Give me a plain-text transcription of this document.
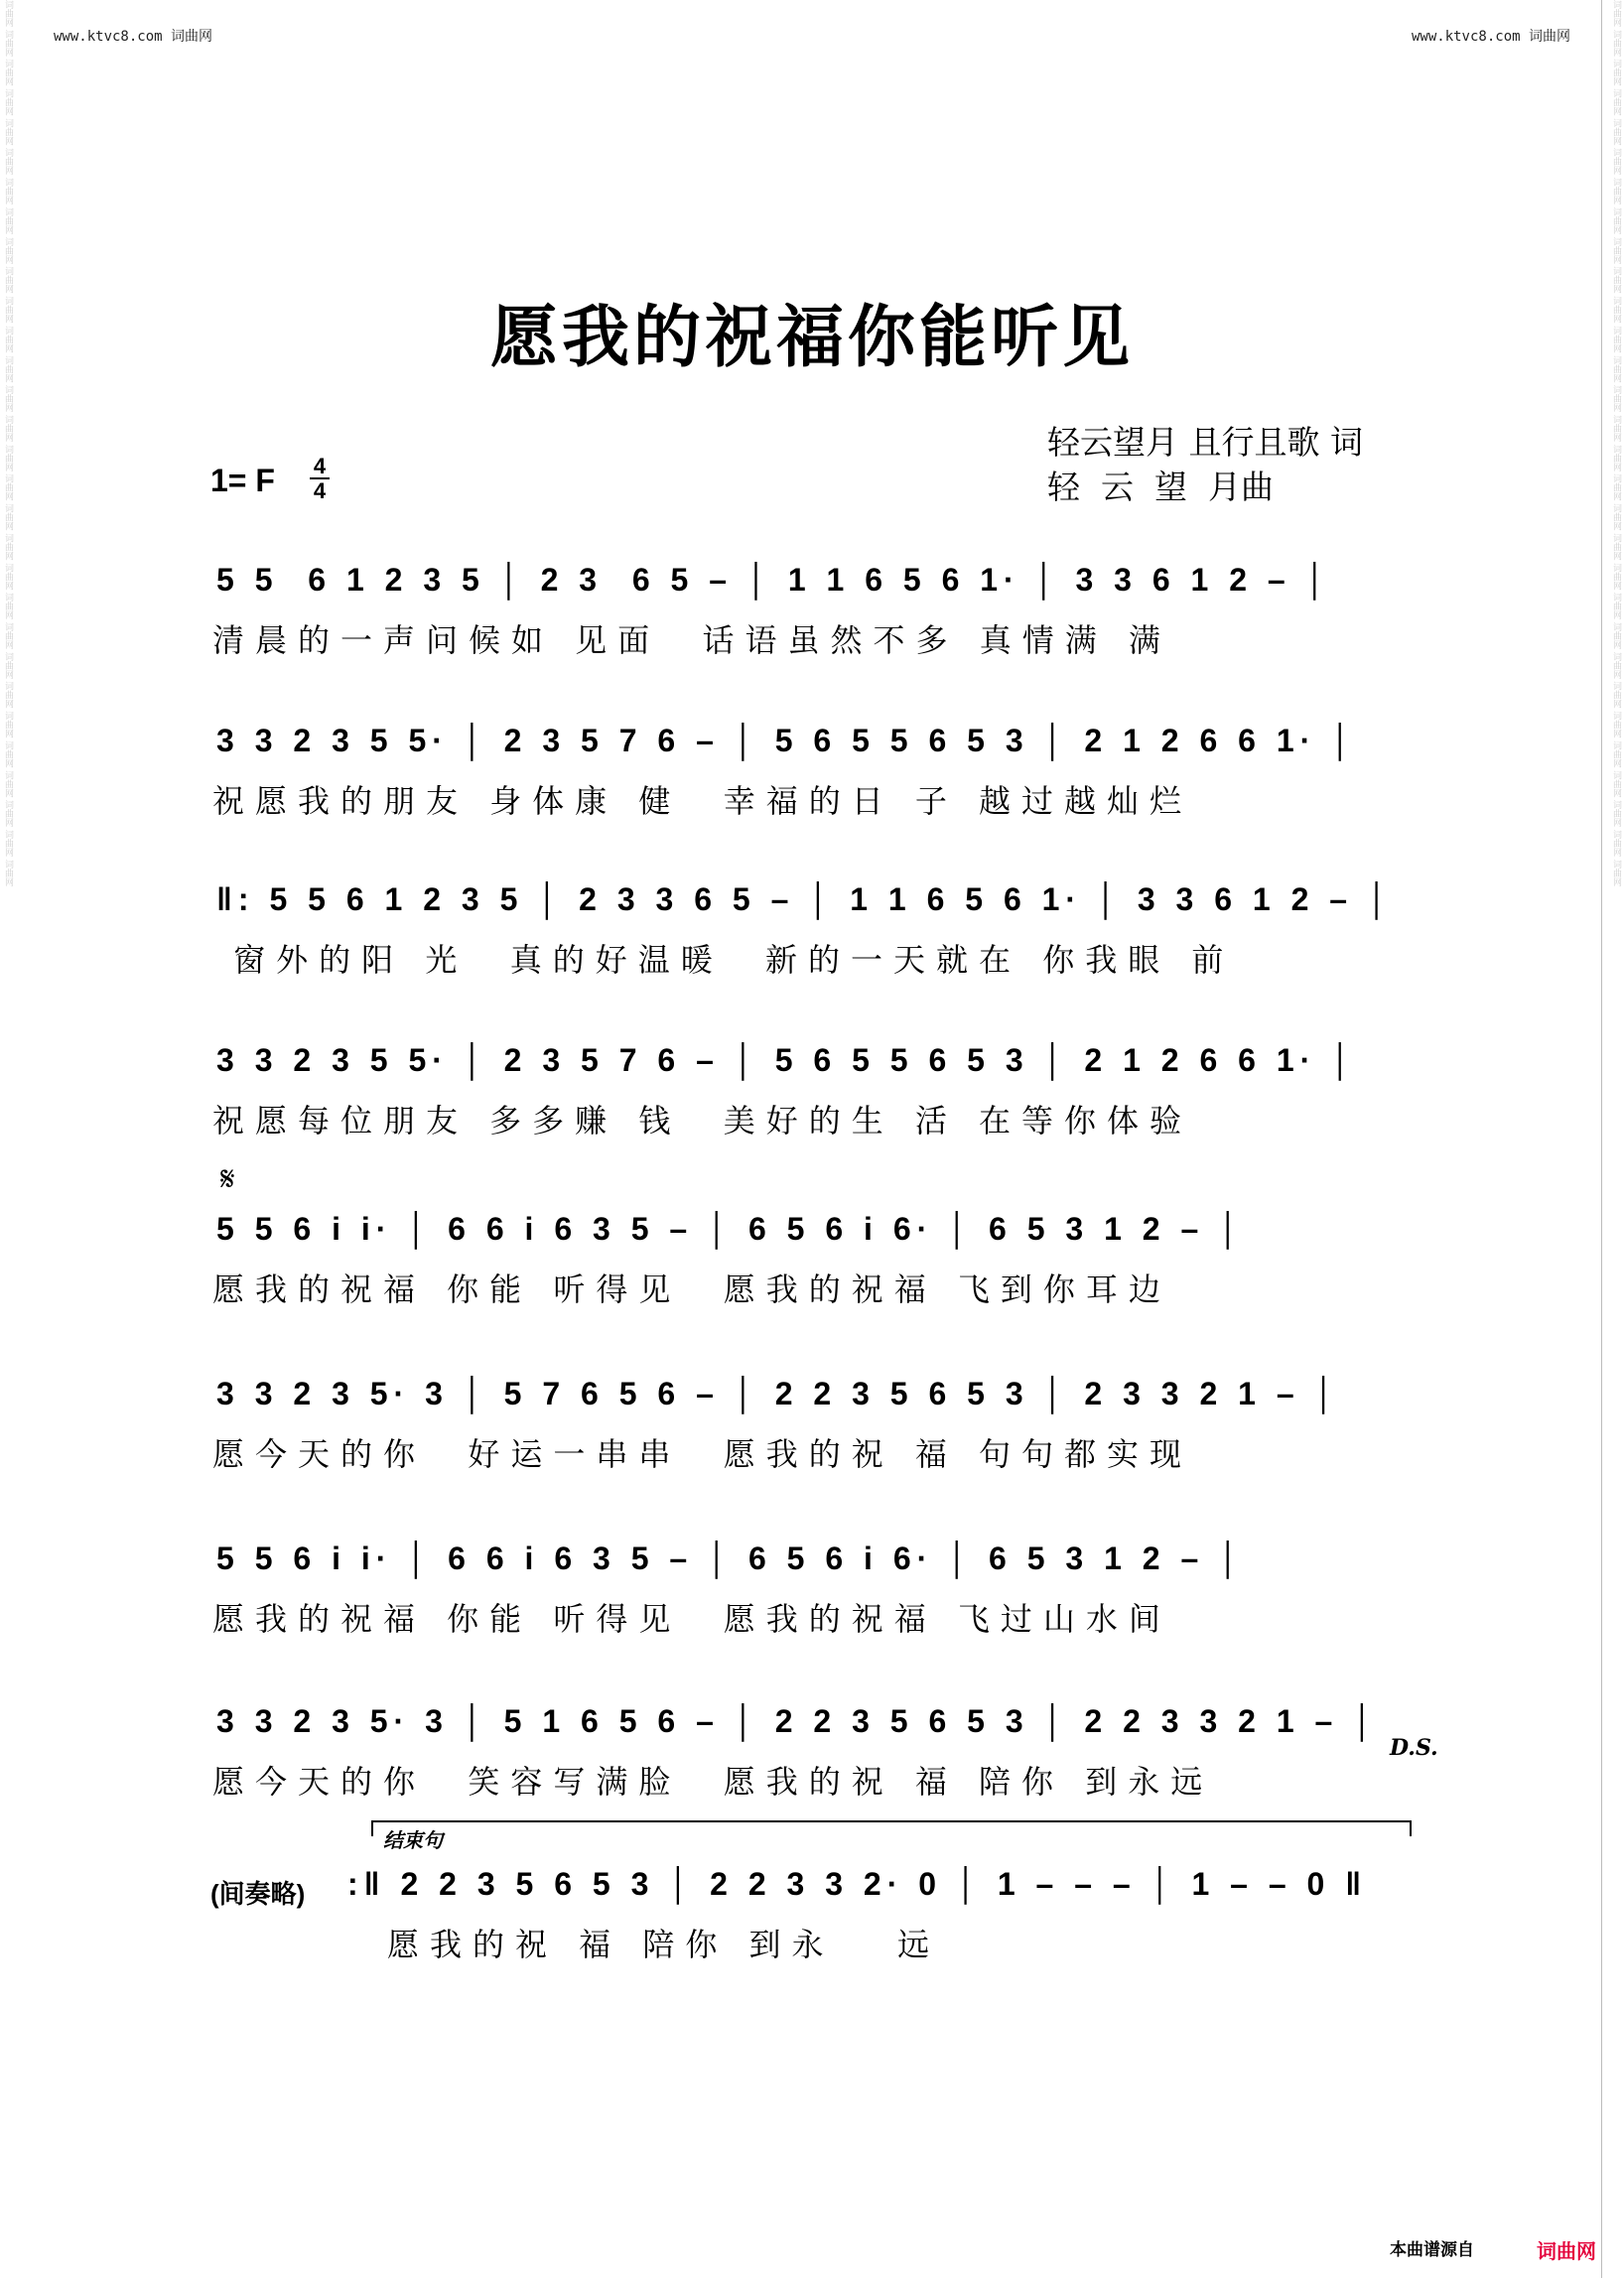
www.ktvc8.com 词曲网	www.ktvc8.com 词曲网
词曲网 词曲网 词曲网 词曲网 词曲网 词曲网 词曲网 词曲网 词曲网 词曲网 词曲网 词曲网 词曲网 词曲网 词曲网 词曲网 词曲网 词曲网 词曲网 词曲网 词曲网 词曲网 词曲网 词曲网 词曲网 词曲网 词曲网 词曲网 词曲网 词曲网	词曲网 词曲网 词曲网 词曲网 词曲网 词曲网 词曲网 词曲网 词曲网 词曲网 词曲网 词曲网 词曲网 词曲网 词曲网 词曲网 词曲网 词曲网 词曲网 词曲网 词曲网 词曲网 词曲网 词曲网 词曲网 词曲网 词曲网 词曲网 词曲网 词曲网
愿我的祝福你能听见
轻云望月 且行且歌 词
轻  云  望  月曲
1= F 4
4
5 5  6 1 2 3 5 │ 2 3  6 5 – │ 1 1 6 5 6 1· │ 3 3 6 1 2 – │
清晨的一声问候如 见面  话语虽然不多 真情满 满
3 3 2 3 5 5· │ 2 3 5 7 6 – │ 5 6 5 5 6 5 3 │ 2 1 2 6 6 1· │
祝愿我的朋友 身体康 健  幸福的日 子 越过越灿烂
‖: 5 5 6 1 2 3 5 │ 2 3 3 6 5 – │ 1 1 6 5 6 1· │ 3 3 6 1 2 – │
窗外的阳 光  真的好温暖  新的一天就在 你我眼 前
3 3 2 3 5 5· │ 2 3 5 7 6 – │ 5 6 5 5 6 5 3 │ 2 1 2 6 6 1· │
祝愿每位朋友 多多赚 钱  美好的生 活 在等你体验
𝄋
5 5 6 i i· │ 6 6 i 6 3 5 – │ 6 5 6 i 6· │ 6 5 3 1 2 – │
愿我的祝福 你能 听得见  愿我的祝福 飞到你耳边
3 3 2 3 5· 3 │ 5 7 6 5 6 – │ 2 2 3 5 6 5 3 │ 2 3 3 2 1 – │
愿今天的你  好运一串串  愿我的祝 福 句句都实现
5 5 6 i i· │ 6 6 i 6 3 5 – │ 6 5 6 i 6· │ 6 5 3 1 2 – │
愿我的祝福 你能 听得见  愿我的祝福 飞过山水间
3 3 2 3 5· 3 │ 5 1 6 5 6 – │ 2 2 3 5 6 5 3 │ 2 2 3 3 2 1 – │
愿今天的你  笑容写满脸  愿我的祝 福 陪你 到永远
D.S.
(间奏略)
结束句
:‖ 2 2 3 5 6 5 3 │ 2 2 3 3 2· 0 │ 1 – – – │ 1 – – 0 ‖
愿我的祝 福 陪你 到永   远
本曲谱源自	词曲网
